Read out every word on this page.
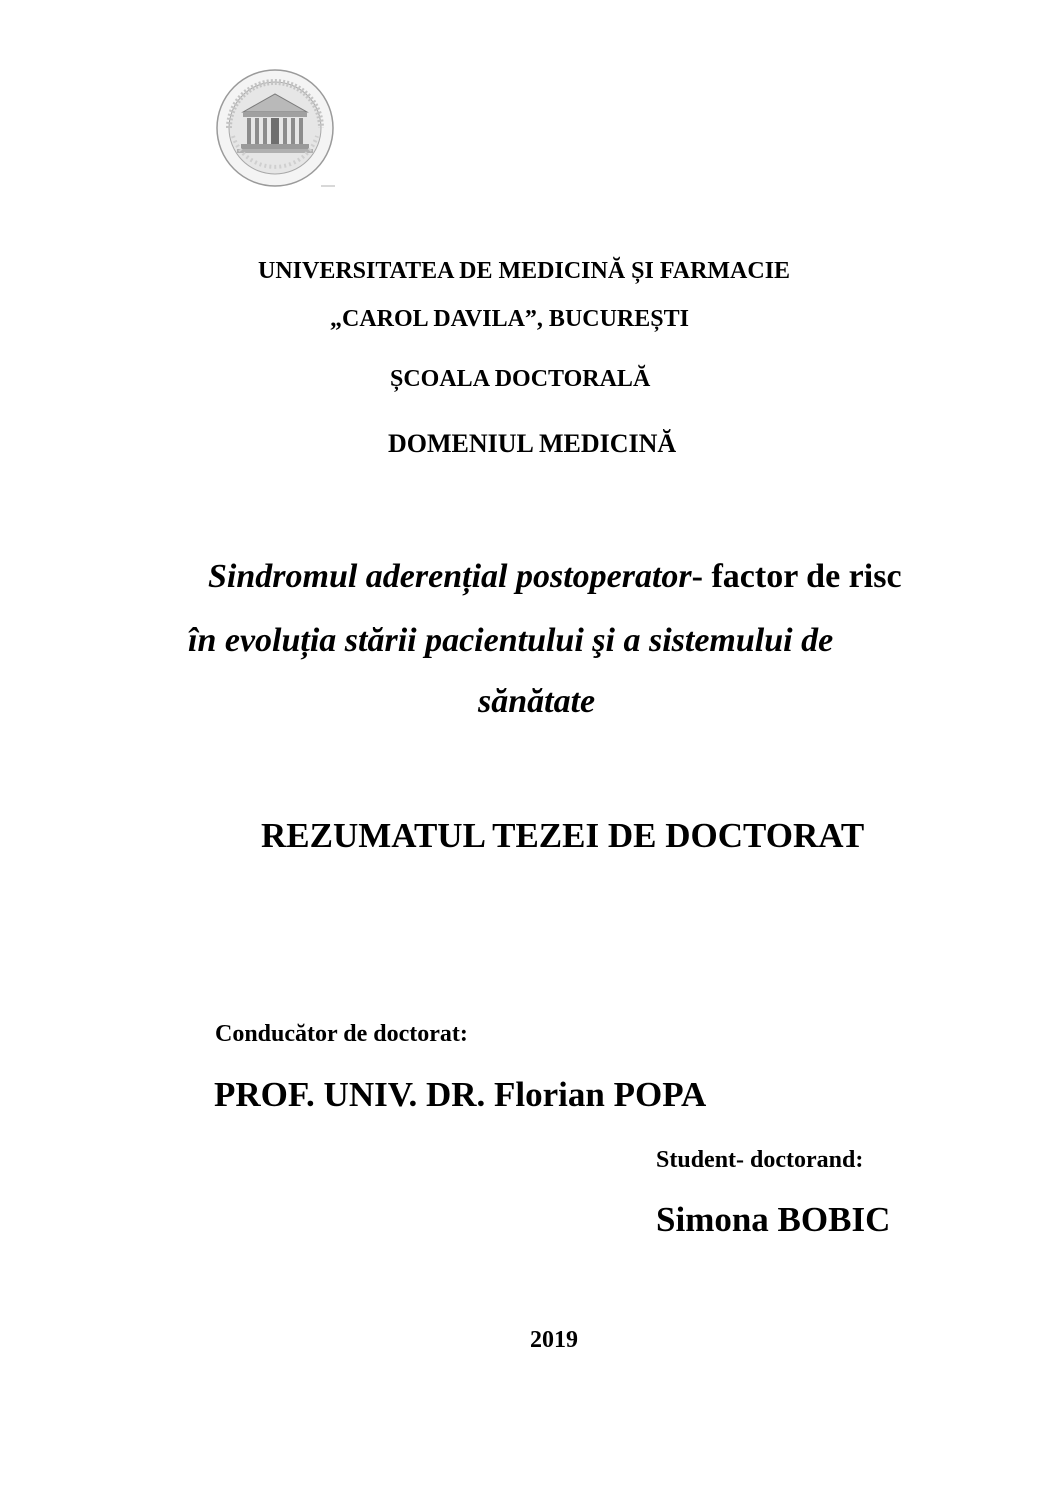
UNIVERSITATEA DE MEDICINĂ ȘI FARMACIE
„CAROL DAVILA”, BUCUREȘTI
ȘCOALA DOCTORALĂ
DOMENIUL MEDICINĂ
Sindromul aderențial postoperator- factor de risc
în evoluția stării pacientului şi a sistemului de
sănătate
REZUMATUL TEZEI DE DOCTORAT
Conducător de doctorat:
PROF. UNIV. DR. Florian POPA
Student- doctorand:
Simona BOBIC
2019
